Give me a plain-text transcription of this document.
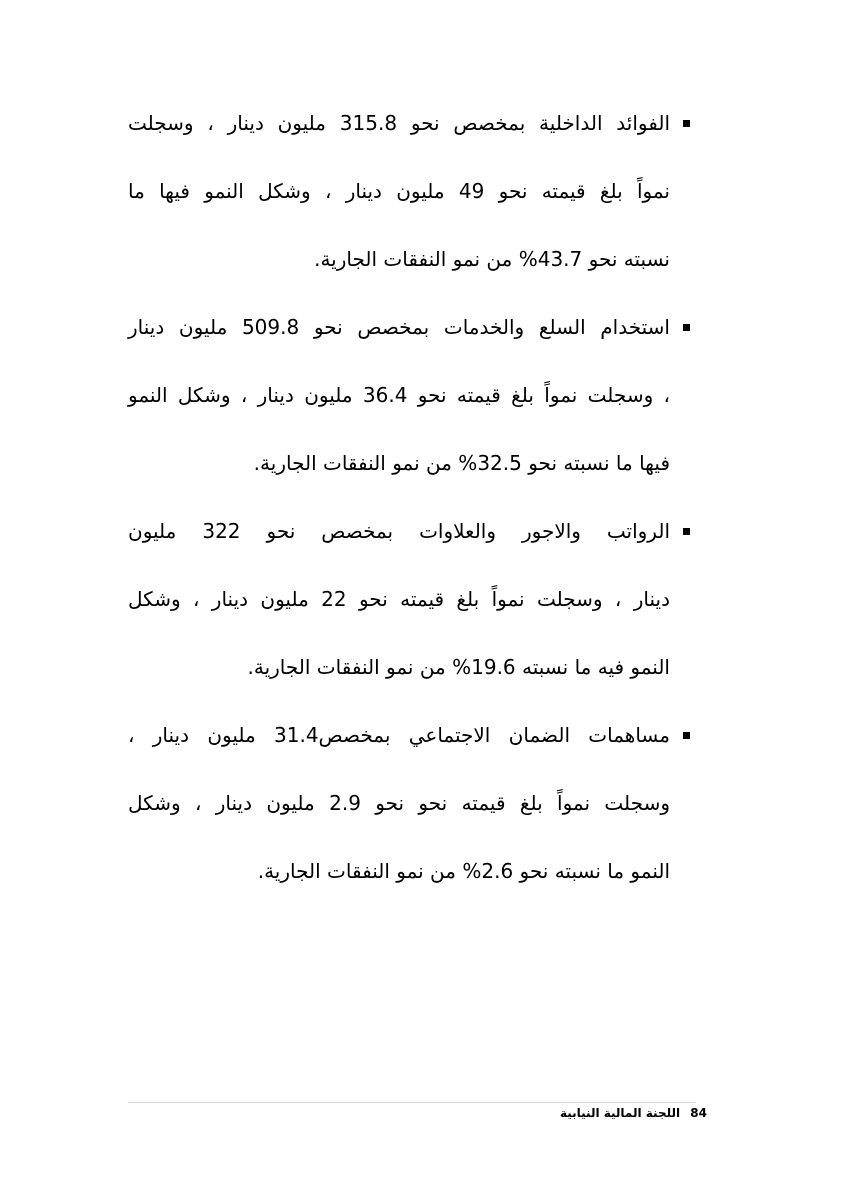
الفوائد الداخلية بمخصص نحو 315.8 مليون دينار ، وسجلت
نمواً بلغ قيمته نحو 49 مليون دينار ، وشكل النمو فيها ما
نسبته نحو 43.7% من نمو النفقات الجارية.
استخدام السلع والخدمات بمخصص نحو 509.8 مليون دينار
، وسجلت نمواً بلغ قيمته نحو 36.4 مليون دينار ، وشكل النمو
فيها ما نسبته نحو 32.5% من نمو النفقات الجارية.
الرواتب والاجور والعلاوات بمخصص نحو 322 مليون
دينار ، وسجلت نمواً بلغ قيمته نحو 22 مليون دينار ، وشكل
النمو فيه ما نسبته 19.6% من نمو النفقات الجارية.
مساهمات الضمان الاجتماعي بمخصص31.4 مليون دينار ،
وسجلت نمواً بلغ قيمته نحو نحو 2.9 مليون دينار ، وشكل
النمو ما نسبته نحو 2.6% من نمو النفقات الجارية.
84 اللجنة المالية النيابية
